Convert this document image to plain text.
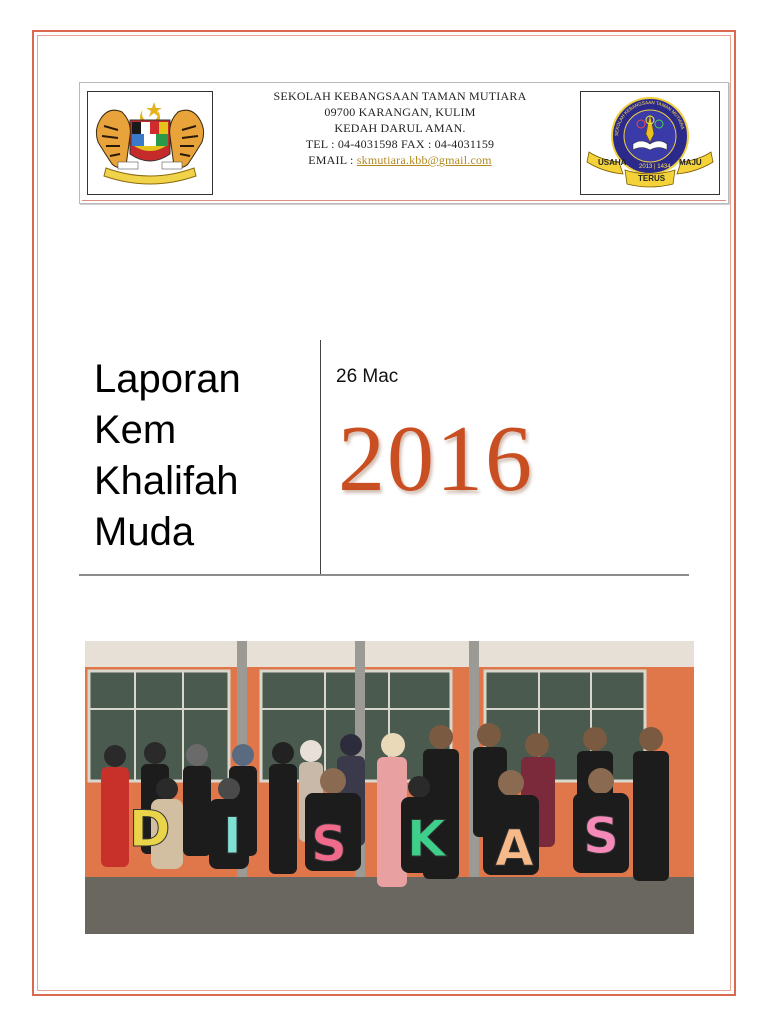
SEKOLAH KEBANGSAAN TAMAN MUTIARA
09700 KARANGAN, KULIM
KEDAH DARUL AMAN.
TEL : 04-4031598 FAX : 04-4031159
EMAIL : skmutiara.kbb@gmail.com	USAHA
TERUS
MAJU
2013 | 1434
SEKOLAH KEBANGSAAN TAMAN MUTIARA
Laporan
Kem
Khalifah
Muda
26 Mac
2016
D I S K A S
